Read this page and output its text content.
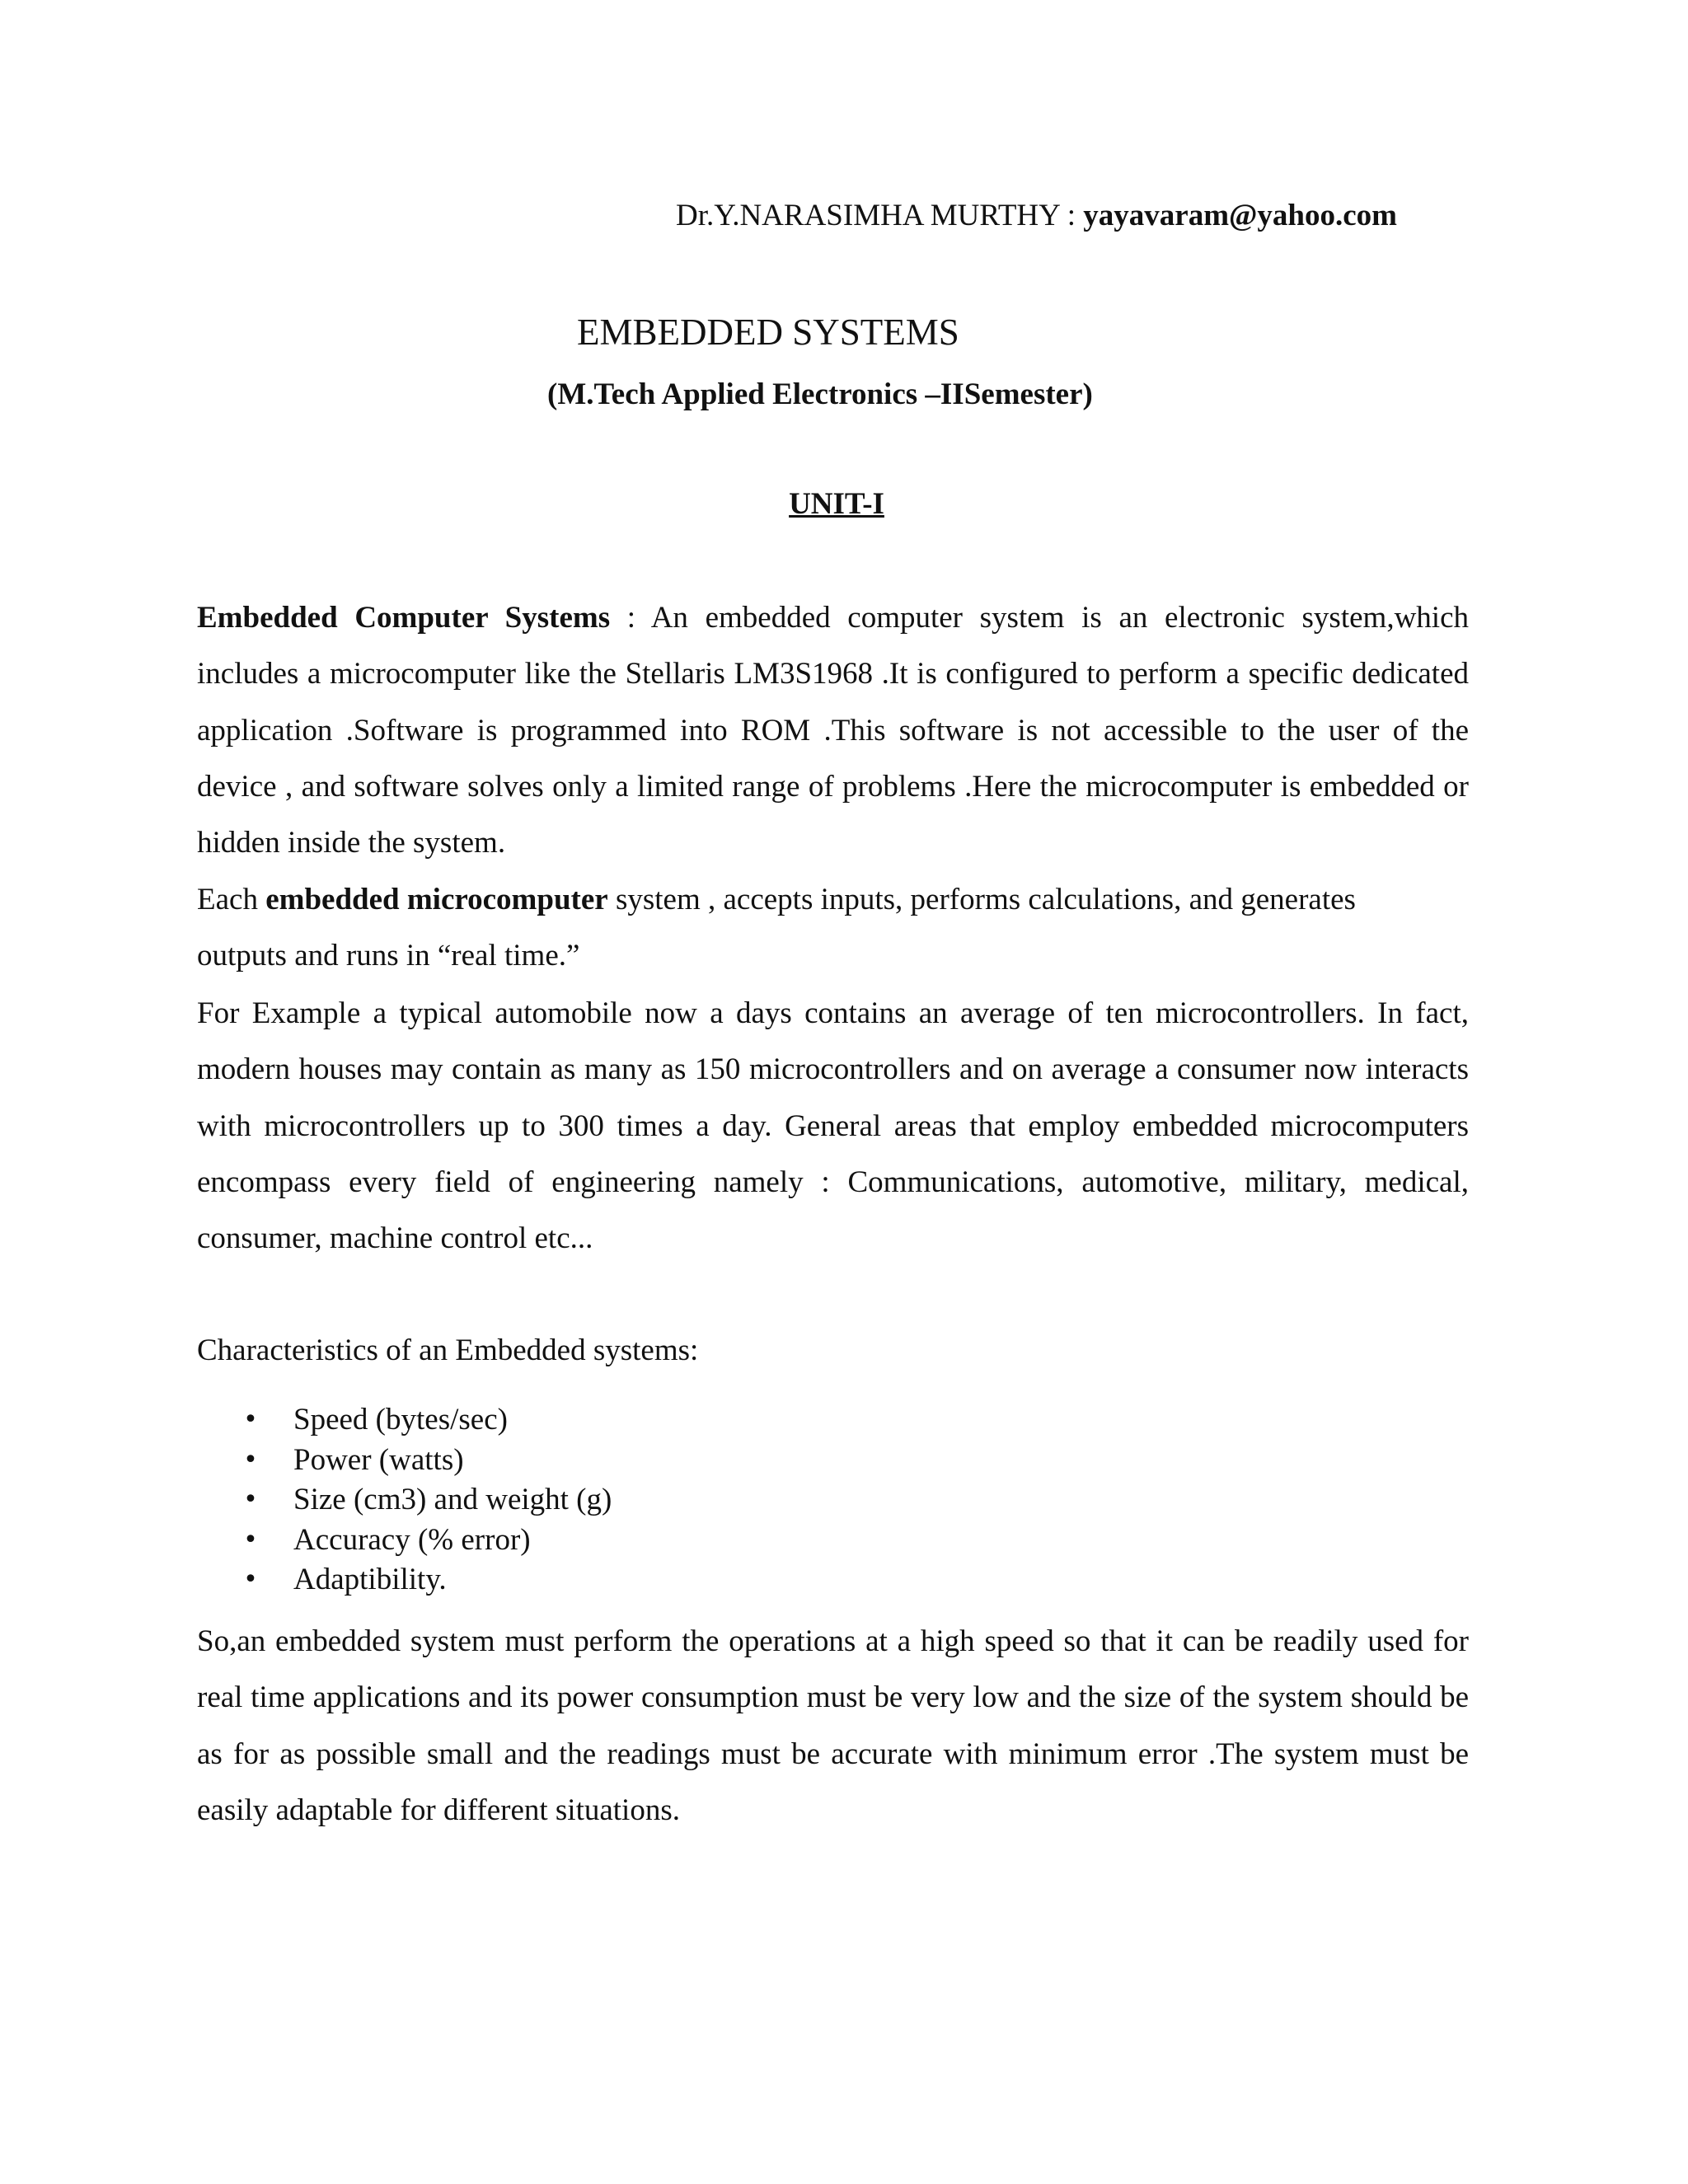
Dr.Y.NARASIMHA MURTHY : yayavaram@yahoo.com
EMBEDDED SYSTEMS
(M.Tech Applied Electronics –IISemester)
UNIT-I
Embedded Computer Systems : An embedded computer system is an electronic system,which includes a microcomputer like the Stellaris LM3S1968 .It is configured to perform a specific dedicated application .Software is programmed into ROM .This software is not accessible to the user of the device , and software solves only a limited range of problems .Here the microcomputer is embedded or hidden inside the system.
Each embedded microcomputer system , accepts inputs, performs calculations, and generates
outputs and runs in “real time.”
For Example a typical automobile now a days contains an average of ten microcontrollers. In fact, modern houses may contain as many as 150 microcontrollers and on average a consumer now interacts with microcontrollers up to 300 times a day. General areas that employ embedded microcomputers encompass every field of engineering namely : Communications, automotive, military, medical, consumer, machine control etc...
Characteristics of an Embedded systems:
• Speed (bytes/sec)
• Power (watts)
• Size (cm3) and weight (g)
• Accuracy (% error)
• Adaptibility.
So,an embedded system must perform the operations at a high speed so that it can be readily used for real time applications and its power consumption must be very low and the size of the system should be as for as possible small and the readings must be accurate with minimum error .The system must be easily adaptable for different situations.
